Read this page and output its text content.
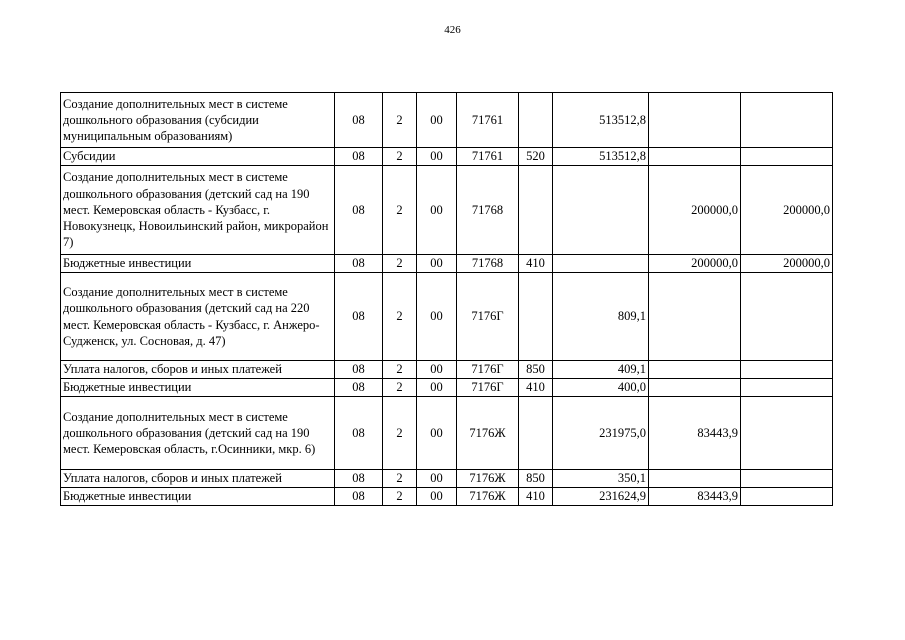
426
Создание дополнительных мест в системе дошкольного образования (субсидии муниципальным образованиям)	08	2	00	71761		513512,8		
Субсидии	08	2	00	71761	520	513512,8		
Создание дополнительных мест в системе дошкольного образования (детский сад на 190 мест. Кемеровская область - Кузбасс, г. Новокузнецк, Новоильинский район, микрорайон 7)	08	2	00	71768			200000,0	200000,0
Бюджетные инвестиции	08	2	00	71768	410		200000,0	200000,0
Создание дополнительных мест в системе дошкольного образования (детский сад на 220 мест. Кемеровская область - Кузбасс, г. Анжеро-Судженск, ул. Сосновая, д. 47)	08	2	00	7176Г		809,1		
Уплата налогов, сборов и иных платежей	08	2	00	7176Г	850	409,1		
Бюджетные инвестиции	08	2	00	7176Г	410	400,0		
Создание дополнительных мест в системе дошкольного образования (детский сад на 190 мест. Кемеровская область, г.Осинники, мкр. 6)	08	2	00	7176Ж		231975,0	83443,9	
Уплата налогов, сборов и иных платежей	08	2	00	7176Ж	850	350,1		
Бюджетные инвестиции	08	2	00	7176Ж	410	231624,9	83443,9	
